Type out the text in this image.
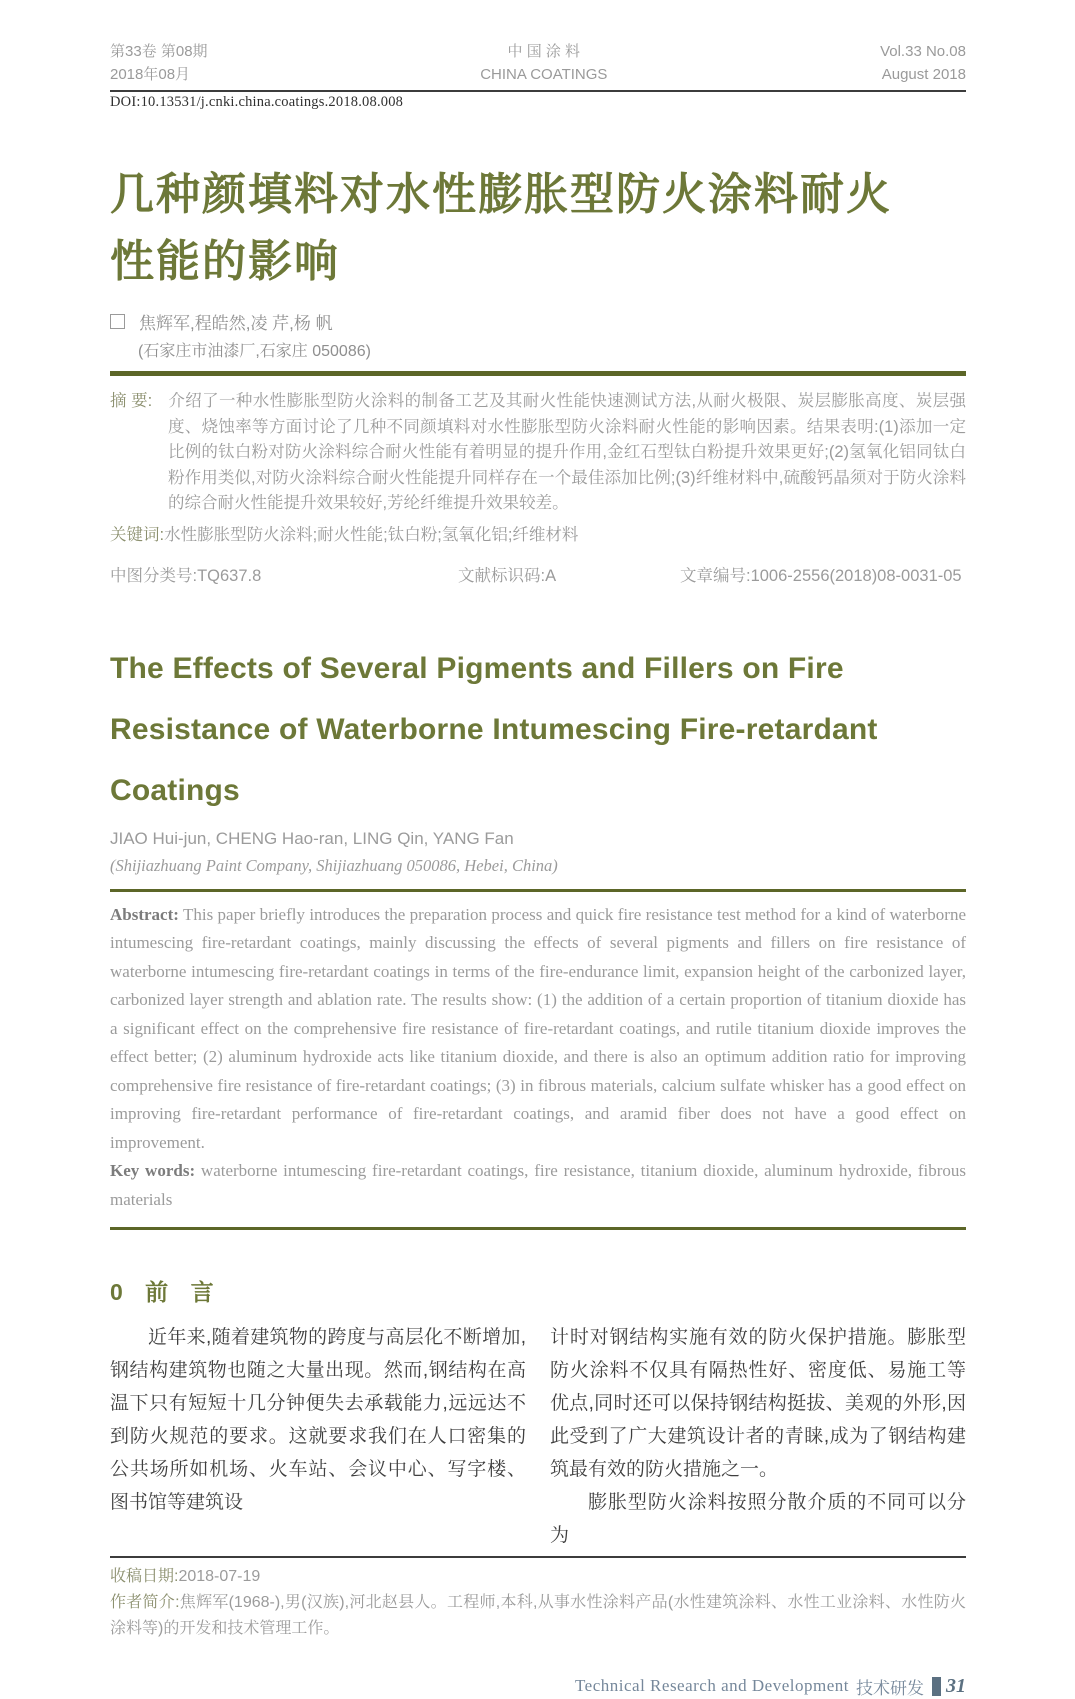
第33卷 第08期
2018年08月
中 国 涂 料
CHINA COATINGS
Vol.33 No.08
August 2018
DOI:10.13531/j.cnki.china.coatings.2018.08.008
几种颜填料对水性膨胀型防火涂料耐火
性能的影响
焦辉军,程皓然,凌 芹,杨 帆
(石家庄市油漆厂,石家庄 050086)
摘 要: 介绍了一种水性膨胀型防火涂料的制备工艺及其耐火性能快速测试方法,从耐火极限、炭层膨胀高度、炭层强度、烧蚀率等方面讨论了几种不同颜填料对水性膨胀型防火涂料耐火性能的影响因素。结果表明:(1)添加一定比例的钛白粉对防火涂料综合耐火性能有着明显的提升作用,金红石型钛白粉提升效果更好;(2)氢氧化铝同钛白粉作用类似,对防火涂料综合耐火性能提升同样存在一个最佳添加比例;(3)纤维材料中,硫酸钙晶须对于防火涂料的综合耐火性能提升效果较好,芳纶纤维提升效果较差。
关键词:水性膨胀型防火涂料;耐火性能;钛白粉;氢氧化铝;纤维材料
中图分类号:TQ637.8	文献标识码:A	文章编号:1006-2556(2018)08-0031-05
The Effects of Several Pigments and Fillers on Fire
Resistance of Waterborne Intumescing Fire-retardant
Coatings
JIAO Hui-jun, CHENG Hao-ran, LING Qin, YANG Fan
(Shijiazhuang Paint Company, Shijiazhuang 050086, Hebei, China)
Abstract: This paper briefly introduces the preparation process and quick fire resistance test method for a kind of waterborne intumescing fire-retardant coatings, mainly discussing the effects of several pigments and fillers on fire resistance of waterborne intumescing fire-retardant coatings in terms of the fire-endurance limit, expansion height of the carbonized layer, carbonized layer strength and ablation rate. The results show: (1) the addition of a certain proportion of titanium dioxide has a significant effect on the comprehensive fire resistance of fire-retardant coatings, and rutile titanium dioxide improves the effect better; (2) aluminum hydroxide acts like titanium dioxide, and there is also an optimum addition ratio for improving comprehensive fire resistance of fire-retardant coatings; (3) in fibrous materials, calcium sulfate whisker has a good effect on improving fire-retardant performance of fire-retardant coatings, and aramid fiber does not have a good effect on improvement.
Key words: waterborne intumescing fire-retardant coatings, fire resistance, titanium dioxide, aluminum hydroxide, fibrous materials
0 前 言
近年来,随着建筑物的跨度与高层化不断增加,钢结构建筑物也随之大量出现。然而,钢结构在高温下只有短短十几分钟便失去承载能力,远远达不到防火规范的要求。这就要求我们在人口密集的公共场所如机场、火车站、会议中心、写字楼、图书馆等建筑设
计时对钢结构实施有效的防火保护措施。膨胀型防火涂料不仅具有隔热性好、密度低、易施工等优点,同时还可以保持钢结构挺拔、美观的外形,因此受到了广大建筑设计者的青睐,成为了钢结构建筑最有效的防火措施之一。
膨胀型防火涂料按照分散介质的不同可以分为
收稿日期:2018-07-19
作者简介:焦辉军(1968-),男(汉族),河北赵县人。工程师,本科,从事水性涂料产品(水性建筑涂料、水性工业涂料、水性防火涂料等)的开发和技术管理工作。
Technical Research and Development 技术研发 31
